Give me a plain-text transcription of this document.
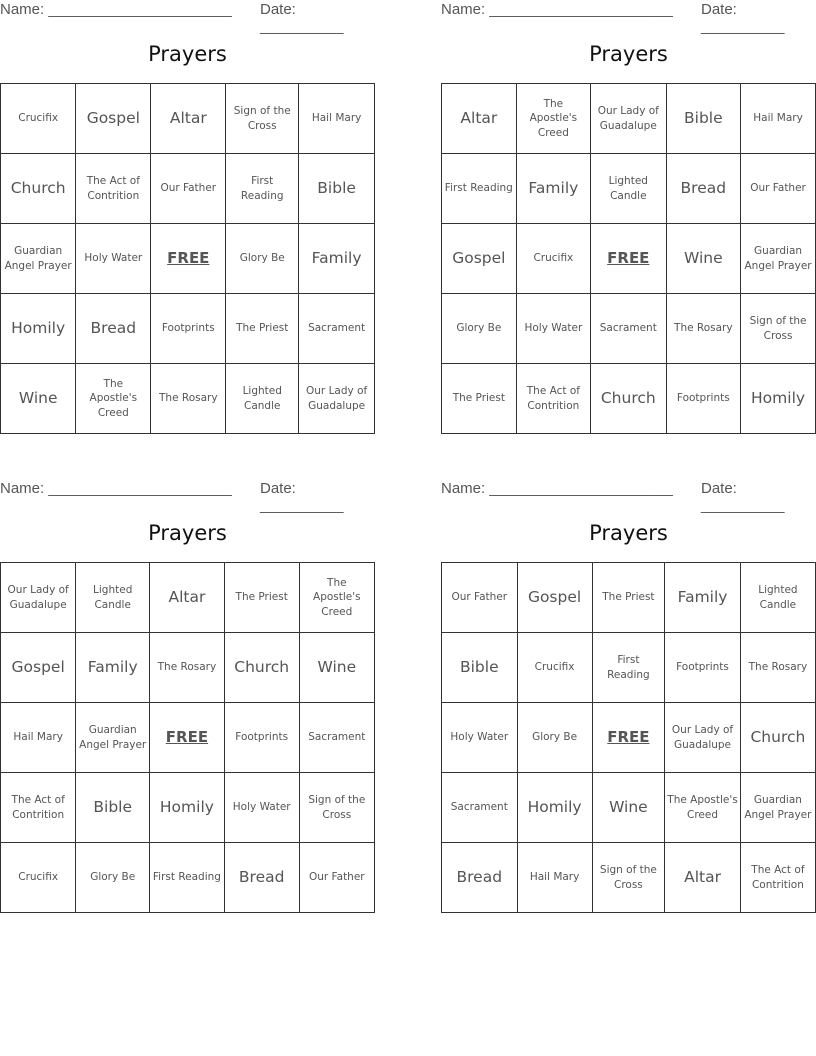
Name: ______________________ Date: __________
Prayers
Crucifix	Gospel	Altar	Sign of the Cross	Hail Mary
Church	The Act of Contrition	Our Father	First Reading	Bible
Guardian Angel Prayer	Holy Water	FREE	Glory Be	Family
Homily	Bread	Footprints	The Priest	Sacrament
Wine	The Apostle's Creed	The Rosary	Lighted Candle	Our Lady of Guadalupe
Name: ______________________ Date: __________
Prayers
Altar	The Apostle's Creed	Our Lady of Guadalupe	Bible	Hail Mary
First Reading	Family	Lighted Candle	Bread	Our Father
Gospel	Crucifix	FREE	Wine	Guardian Angel Prayer
Glory Be	Holy Water	Sacrament	The Rosary	Sign of the Cross
The Priest	The Act of Contrition	Church	Footprints	Homily
Name: ______________________ Date: __________
Prayers
Our Lady of Guadalupe	Lighted Candle	Altar	The Priest	The Apostle's Creed
Gospel	Family	The Rosary	Church	Wine
Hail Mary	Guardian Angel Prayer	FREE	Footprints	Sacrament
The Act of Contrition	Bible	Homily	Holy Water	Sign of the Cross
Crucifix	Glory Be	First Reading	Bread	Our Father
Name: ______________________ Date: __________
Prayers
Our Father	Gospel	The Priest	Family	Lighted Candle
Bible	Crucifix	First Reading	Footprints	The Rosary
Holy Water	Glory Be	FREE	Our Lady of Guadalupe	Church
Sacrament	Homily	Wine	The Apostle's Creed	Guardian Angel Prayer
Bread	Hail Mary	Sign of the Cross	Altar	The Act of Contrition
